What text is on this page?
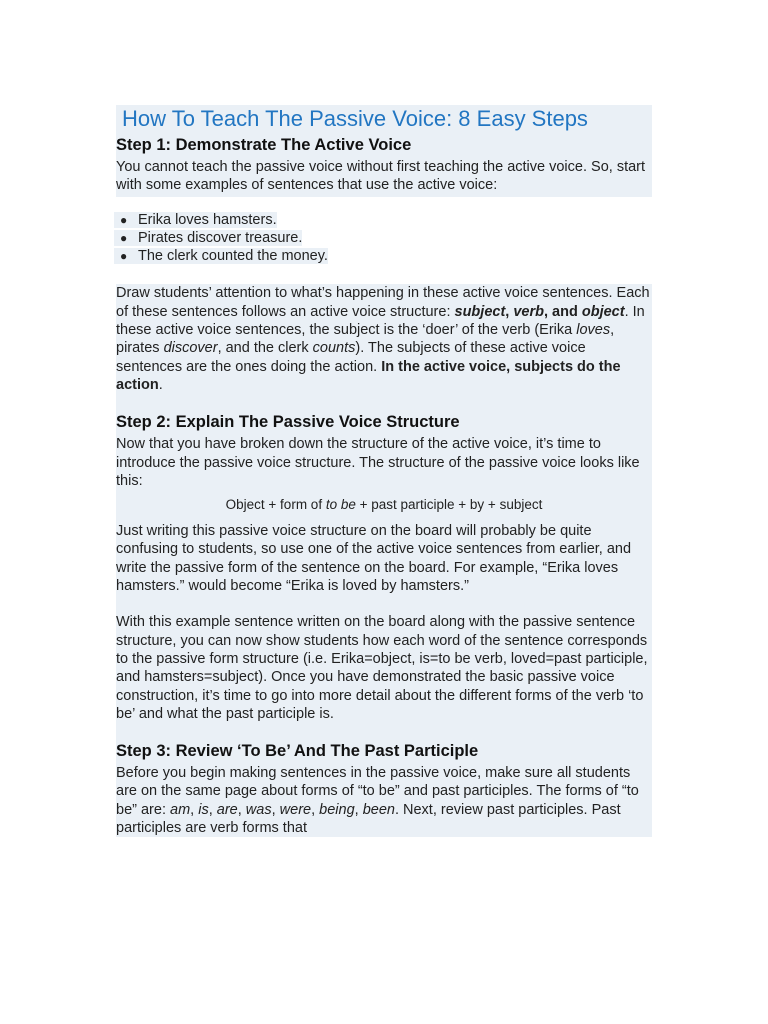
How To Teach The Passive Voice: 8 Easy Steps
Step 1: Demonstrate The Active Voice

You cannot teach the passive voice without first teaching the active voice. So, start with some examples of sentences that use the active voice:

● Erika loves hamsters.
● Pirates discover treasure.
● The clerk counted the money.

Draw students’ attention to what’s happening in these active voice sentences. Each of these sentences follows an active voice structure: subject, verb, and object. In these active voice sentences, the subject is the ‘doer’ of the verb (Erika loves, pirates discover, and the clerk counts). The subjects of these active voice sentences are the ones doing the action. In the active voice, subjects do the action.

Step 2: Explain The Passive Voice Structure

Now that you have broken down the structure of the active voice, it’s time to introduce the passive voice structure. The structure of the passive voice looks like this:

Object + form of to be + past participle + by + subject

Just writing this passive voice structure on the board will probably be quite confusing to students, so use one of the active voice sentences from earlier, and write the passive form of the sentence on the board. For example, “Erika loves hamsters.” would become “Erika is loved by hamsters.”

With this example sentence written on the board along with the passive sentence structure, you can now show students how each word of the sentence corresponds to the passive form structure (i.e. Erika=object, is=to be verb, loved=past participle, and hamsters=subject). Once you have demonstrated the basic passive voice construction, it’s time to go into more detail about the different forms of the verb ‘to be’ and what the past participle is.

Step 3: Review ‘To Be’ And The Past Participle

Before you begin making sentences in the passive voice, make sure all students are on the same page about forms of “to be” and past participles. The forms of “to be” are: am, is, are, was, were, being, been. Next, review past participles. Past participles are verb forms that
